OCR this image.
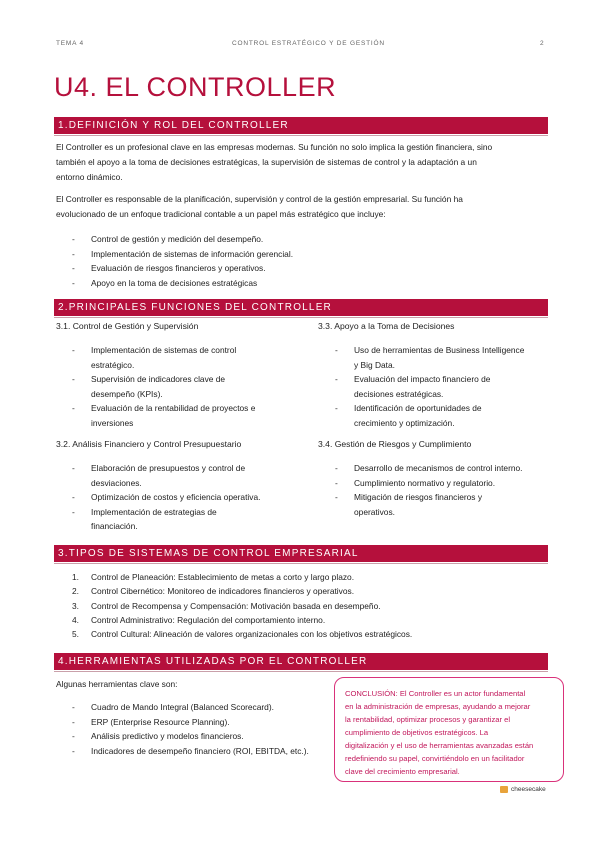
TEMA 4	CONTROL ESTRATÉGICO Y DE GESTIÓN	2
U4. EL CONTROLLER
1.DEFINICIÓN Y ROL DEL CONTROLLER
El Controller es un profesional clave en las empresas modernas. Su función no solo implica la gestión financiera, sino
también el apoyo a la toma de decisiones estratégicas, la supervisión de sistemas de control y la adaptación a un
entorno dinámico.
El Controller es responsable de la planificación, supervisión y control de la gestión empresarial. Su función ha
evolucionado de un enfoque tradicional contable a un papel más estratégico que incluye:
- Control de gestión y medición del desempeño.
- Implementación de sistemas de información gerencial.
- Evaluación de riesgos financieros y operativos.
- Apoyo en la toma de decisiones estratégicas
2.PRINCIPALES FUNCIONES DEL CONTROLLER
3.1. Control de Gestión y Supervisión
- Implementación de sistemas de control
estratégico.
- Supervisión de indicadores clave de
desempeño (KPIs).
- Evaluación de la rentabilidad de proyectos e
inversiones
3.3. Apoyo a la Toma de Decisiones
- Uso de herramientas de Business Intelligence
y Big Data.
- Evaluación del impacto financiero de
decisiones estratégicas.
- Identificación de oportunidades de
crecimiento y optimización.
3.2. Análisis Financiero y Control Presupuestario
- Elaboración de presupuestos y control de
desviaciones.
- Optimización de costos y eficiencia operativa.
- Implementación de estrategias de
financiación.
3.4. Gestión de Riesgos y Cumplimiento
- Desarrollo de mecanismos de control interno.
- Cumplimiento normativo y regulatorio.
- Mitigación de riesgos financieros y
operativos.
3.TIPOS DE SISTEMAS DE CONTROL EMPRESARIAL
1. Control de Planeación: Establecimiento de metas a corto y largo plazo.
2. Control Cibernético: Monitoreo de indicadores financieros y operativos.
3. Control de Recompensa y Compensación: Motivación basada en desempeño.
4. Control Administrativo: Regulación del comportamiento interno.
5. Control Cultural: Alineación de valores organizacionales con los objetivos estratégicos.
4.HERRAMIENTAS UTILIZADAS POR EL CONTROLLER
Algunas herramientas clave son:
- Cuadro de Mando Integral (Balanced Scorecard).
- ERP (Enterprise Resource Planning).
- Análisis predictivo y modelos financieros.
- Indicadores de desempeño financiero (ROI, EBITDA, etc.).
CONCLUSIÓN: El Controller es un actor fundamental
en la administración de empresas, ayudando a mejorar
la rentabilidad, optimizar procesos y garantizar el
cumplimiento de objetivos estratégicos. La
digitalización y el uso de herramientas avanzadas están
redefiniendo su papel, convirtiéndolo en un facilitador
clave del crecimiento empresarial.
cheesecake
